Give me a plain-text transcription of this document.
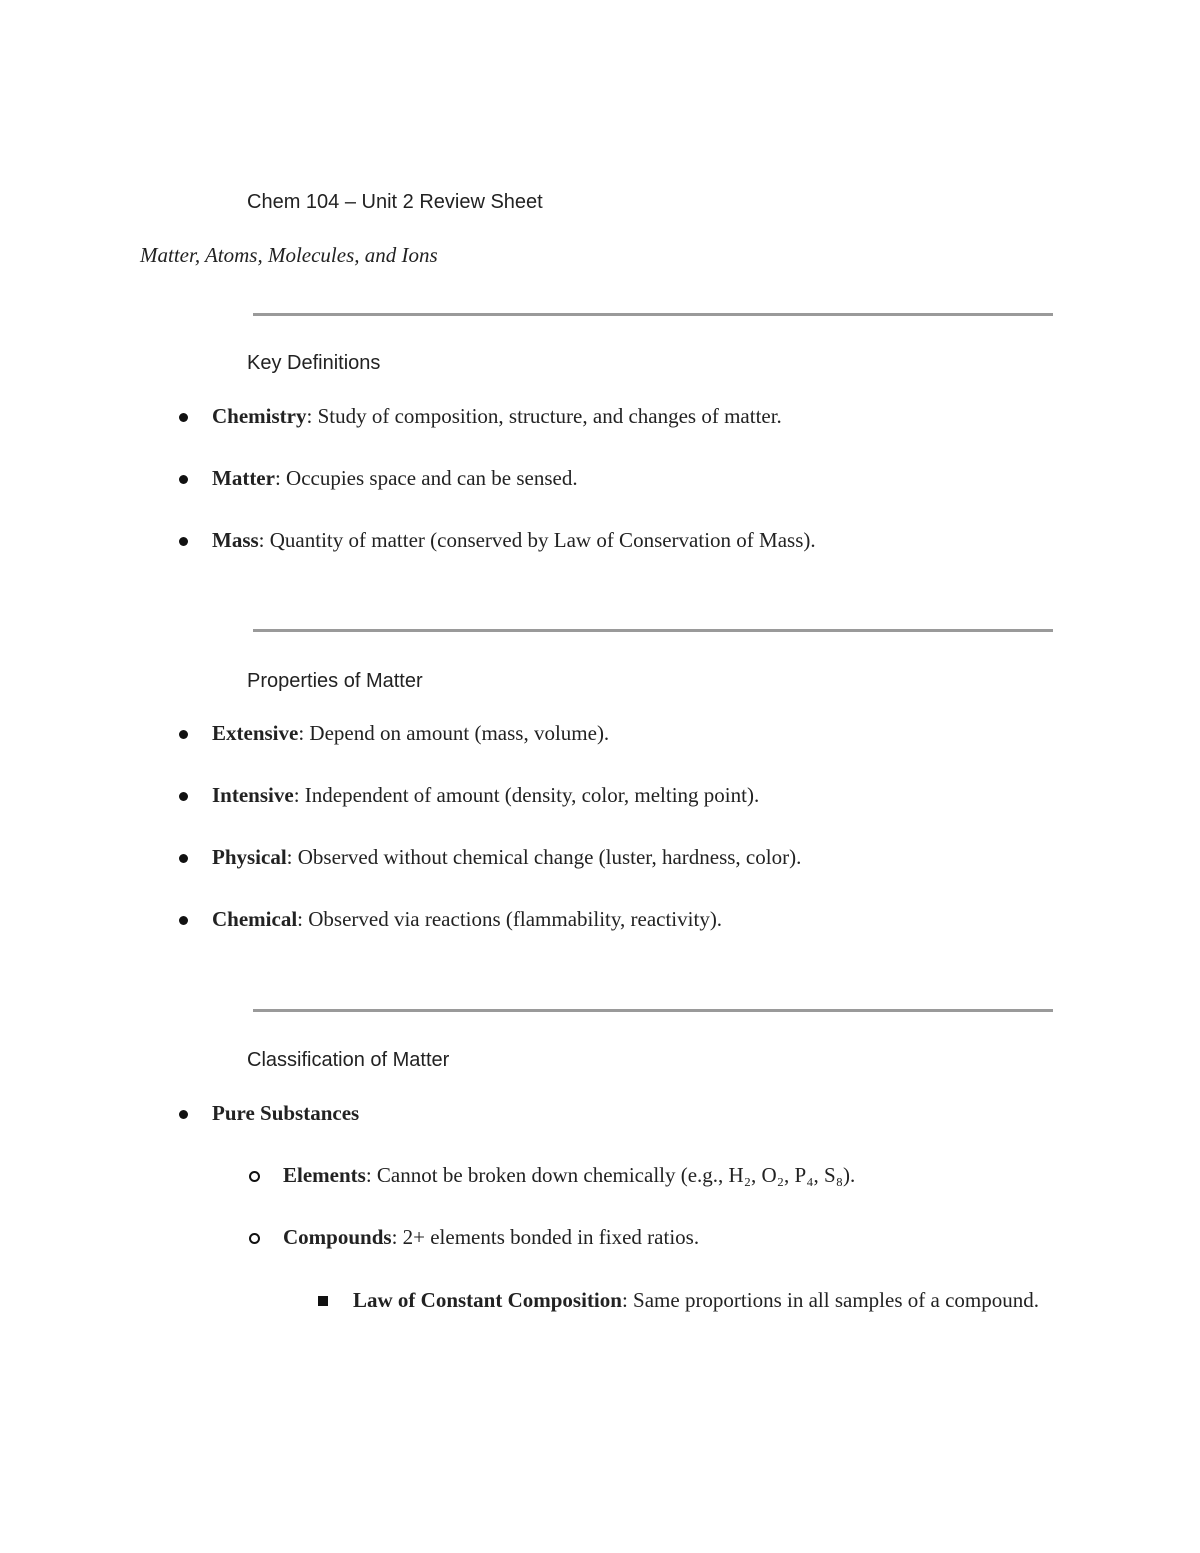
Chem 104 – Unit 2 Review Sheet
Matter, Atoms, Molecules, and Ions
Key Definitions
Chemistry: Study of composition, structure, and changes of matter.
Matter: Occupies space and can be sensed.
Mass: Quantity of matter (conserved by Law of Conservation of Mass).
Properties of Matter
Extensive: Depend on amount (mass, volume).
Intensive: Independent of amount (density, color, melting point).
Physical: Observed without chemical change (luster, hardness, color).
Chemical: Observed via reactions (flammability, reactivity).
Classification of Matter
Pure Substances
Elements: Cannot be broken down chemically (e.g., H₂, O₂, P₄, S₈).
Compounds: 2+ elements bonded in fixed ratios.
Law of Constant Composition: Same proportions in all samples of a compound.
